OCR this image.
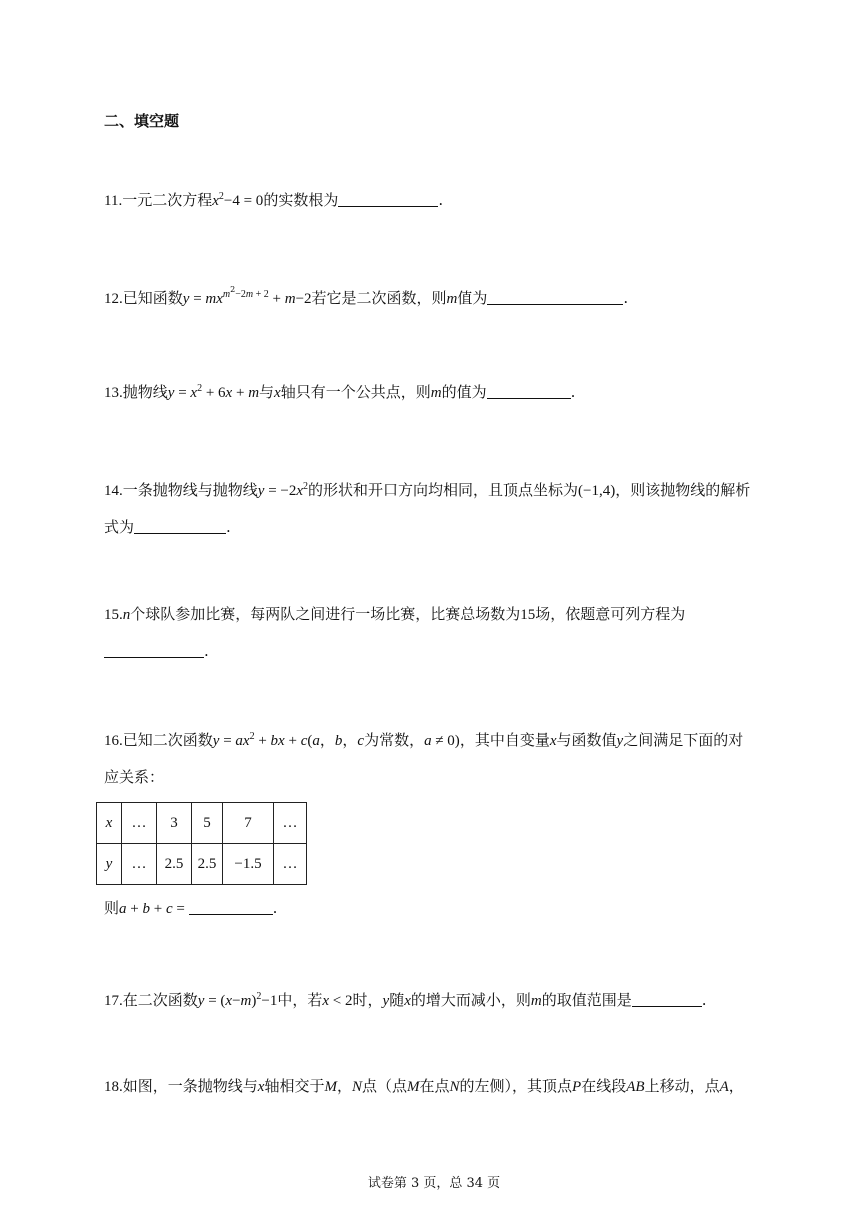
二、填空题
11.一元二次方程$x^2-4 = 0$的实数根为	.
12.已知函数$y = mx^{m^2-2m + 2} + m-2$若它是二次函数，则m值为	.
13.抛物线$y = x^2 + 6x + m$与x轴只有一个公共点，则m的值为	.
14.一条抛物线与抛物线$y = -2x^2$的形状和开口方向均相同，且顶点坐标为(−1,4)，则该抛物线的解析
式为	.
15.n个球队参加比赛，每两队之间进行一场比赛，比赛总场数为15场，依题意可列方程为
.
16.已知二次函数$y = ax^2$ + bx + c(a，b，c为常数，a ≠ 0)，其中自变量x与函数值y之间满足下面的对
应关系：
x	…	3	5	7	…
y	…	2.5	2.5	−1.5	…
则a + b + c =	.
17.在二次函数$y = (x-m)^2-1$中，若x < 2时，y随x的增大而减小，则m的取值范围是	.
18.如图，一条抛物线与x轴相交于M，N点（点M在点N的左侧），其顶点P在线段AB上移动，点A，
试卷第 3 页，总 34 页
